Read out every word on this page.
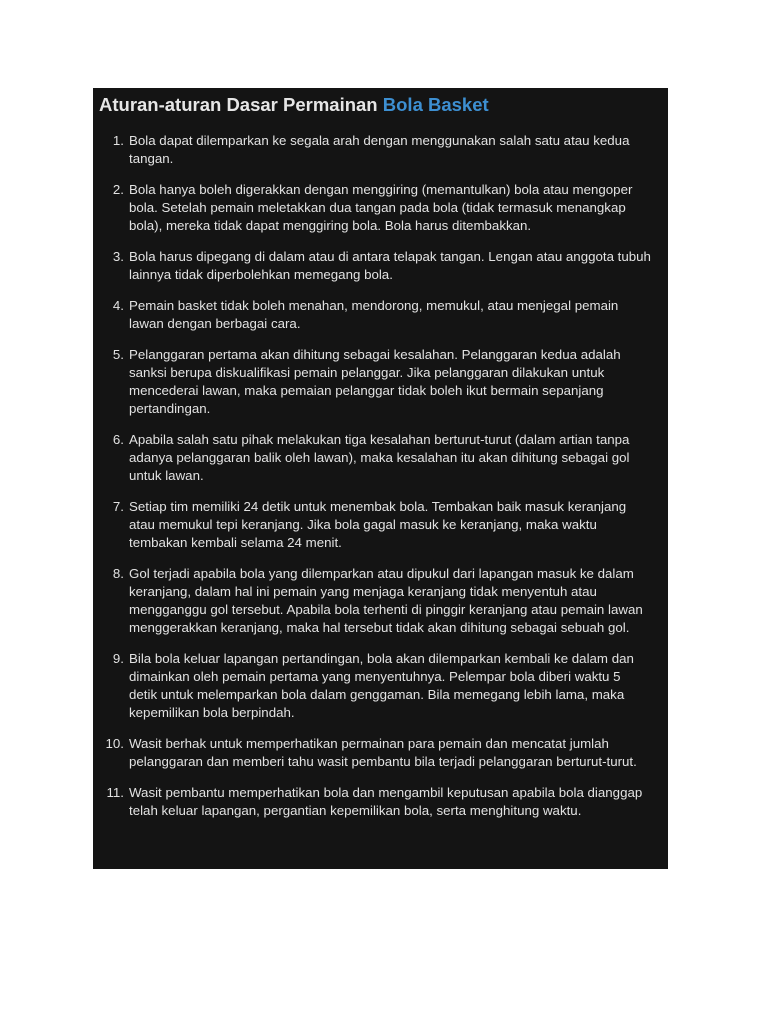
Aturan-aturan Dasar Permainan Bola Basket
1. Bola dapat dilemparkan ke segala arah dengan menggunakan salah satu atau kedua tangan.
2. Bola hanya boleh digerakkan dengan menggiring (memantulkan) bola atau mengoper bola. Setelah pemain meletakkan dua tangan pada bola (tidak termasuk menangkap bola), mereka tidak dapat menggiring bola. Bola harus ditembakkan.
3. Bola harus dipegang di dalam atau di antara telapak tangan. Lengan atau anggota tubuh lainnya tidak diperbolehkan memegang bola.
4. Pemain basket tidak boleh menahan, mendorong, memukul, atau menjegal pemain lawan dengan berbagai cara.
5. Pelanggaran pertama akan dihitung sebagai kesalahan. Pelanggaran kedua adalah sanksi berupa diskualifikasi pemain pelanggar. Jika pelanggaran dilakukan untuk mencederai lawan, maka pemaian pelanggar tidak boleh ikut bermain sepanjang pertandingan.
6. Apabila salah satu pihak melakukan tiga kesalahan berturut-turut (dalam artian tanpa adanya pelanggaran balik oleh lawan), maka kesalahan itu akan dihitung sebagai gol untuk lawan.
7. Setiap tim memiliki 24 detik untuk menembak bola. Tembakan baik masuk keranjang atau memukul tepi keranjang. Jika bola gagal masuk ke keranjang, maka waktu tembakan kembali selama 24 menit.
8. Gol terjadi apabila bola yang dilemparkan atau dipukul dari lapangan masuk ke dalam keranjang, dalam hal ini pemain yang menjaga keranjang tidak menyentuh atau mengganggu gol tersebut. Apabila bola terhenti di pinggir keranjang atau pemain lawan menggerakkan keranjang, maka hal tersebut tidak akan dihitung sebagai sebuah gol.
9. Bila bola keluar lapangan pertandingan, bola akan dilemparkan kembali ke dalam dan dimainkan oleh pemain pertama yang menyentuhnya. Pelempar bola diberi waktu 5 detik untuk melemparkan bola dalam genggaman. Bila memegang lebih lama, maka kepemilikan bola berpindah.
10. Wasit berhak untuk memperhatikan permainan para pemain dan mencatat jumlah pelanggaran dan memberi tahu wasit pembantu bila terjadi pelanggaran berturut-turut.
11. Wasit pembantu memperhatikan bola dan mengambil keputusan apabila bola dianggap telah keluar lapangan, pergantian kepemilikan bola, serta menghitung waktu.
